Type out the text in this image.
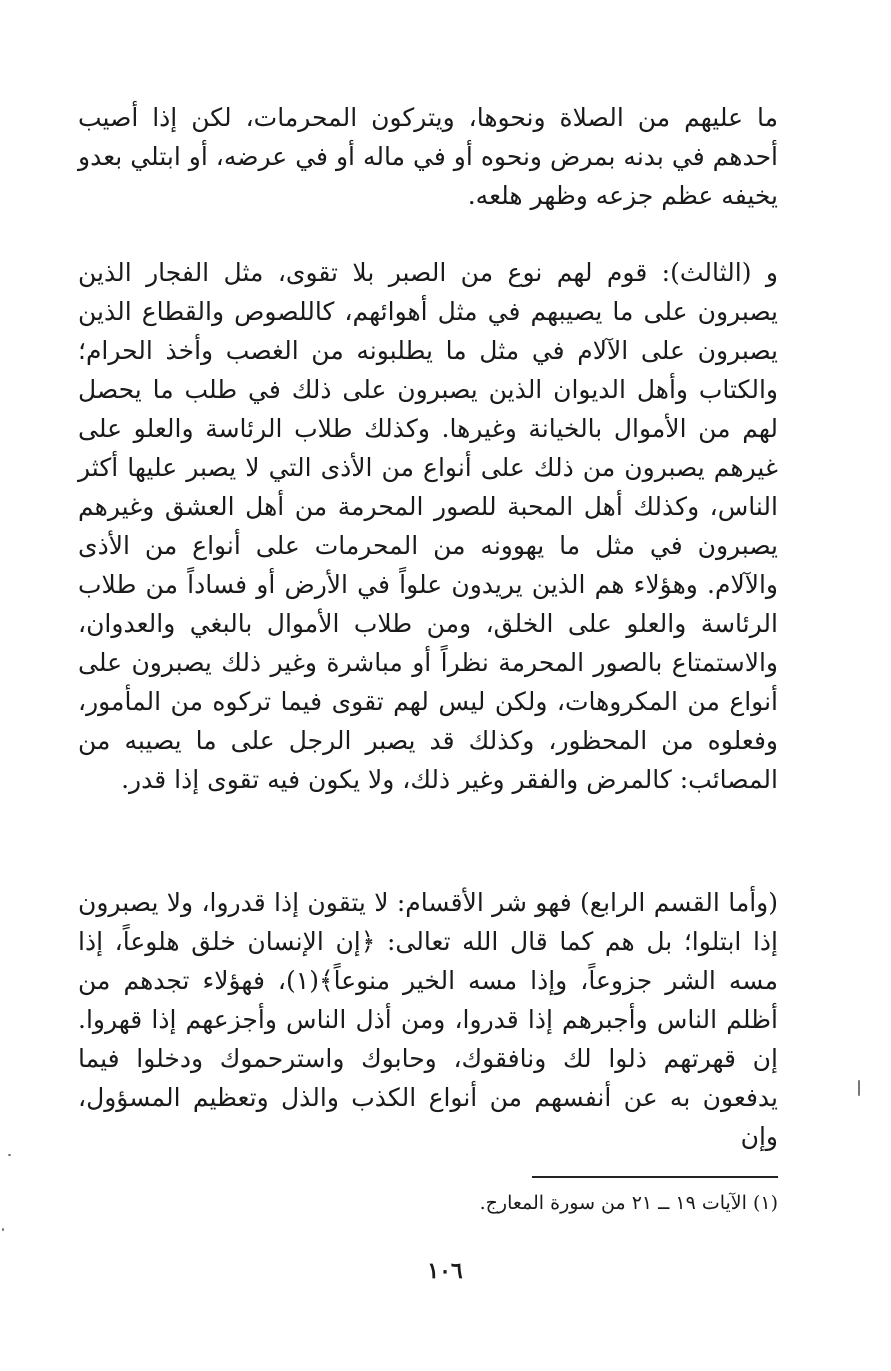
ما عليهم من الصلاة ونحوها، ويتركون المحرمات، لكن إذا أصيب أحدهم في بدنه بمرض ونحوه أو في ماله أو في عرضه، أو ابتلي بعدو يخيفه عظم جزعه وظهر هلعه.

و (الثالث): قوم لهم نوع من الصبر بلا تقوى، مثل الفجار الذين يصبرون على ما يصيبهم في مثل أهوائهم، كاللصوص والقطاع الذين يصبرون على الآلام في مثل ما يطلبونه من الغصب وأخذ الحرام؛ والكتاب وأهل الديوان الذين يصبرون على ذلك في طلب ما يحصل لهم من الأموال بالخيانة وغيرها. وكذلك طلاب الرئاسة والعلو على غيرهم يصبرون من ذلك على أنواع من الأذى التي لا يصبر عليها أكثر الناس، وكذلك أهل المحبة للصور المحرمة من أهل العشق وغيرهم يصبرون في مثل ما يهوونه من المحرمات على أنواع من الأذى والآلام. وهؤلاء هم الذين يريدون علواً في الأرض أو فساداً من طلاب الرئاسة والعلو على الخلق، ومن طلاب الأموال بالبغي والعدوان، والاستمتاع بالصور المحرمة نظراً أو مباشرة وغير ذلك يصبرون على أنواع من المكروهات، ولكن ليس لهم تقوى فيما تركوه من المأمور، وفعلوه من المحظور، وكذلك قد يصبر الرجل على ما يصيبه من المصائب: كالمرض والفقر وغير ذلك، ولا يكون فيه تقوى إذا قدر.

(وأما القسم الرابع) فهو شر الأقسام: لا يتقون إذا قدروا، ولا يصبرون إذا ابتلوا؛ بل هم كما قال الله تعالى: ﴿إن الإنسان خلق هلوعاً، إذا مسه الشر جزوعاً، وإذا مسه الخير منوعاً﴾(١)، فهؤلاء تجدهم من أظلم الناس وأجبرهم إذا قدروا، ومن أذل الناس وأجزعهم إذا قهروا. إن قهرتهم ذلوا لك ونافقوك، وحابوك واسترحموك ودخلوا فيما يدفعون به عن أنفسهم من أنواع الكذب والذل وتعظيم المسؤول، وإن

(١) الآيات ١٩ ــ ٢١ من سورة المعارج.

١٠٦
